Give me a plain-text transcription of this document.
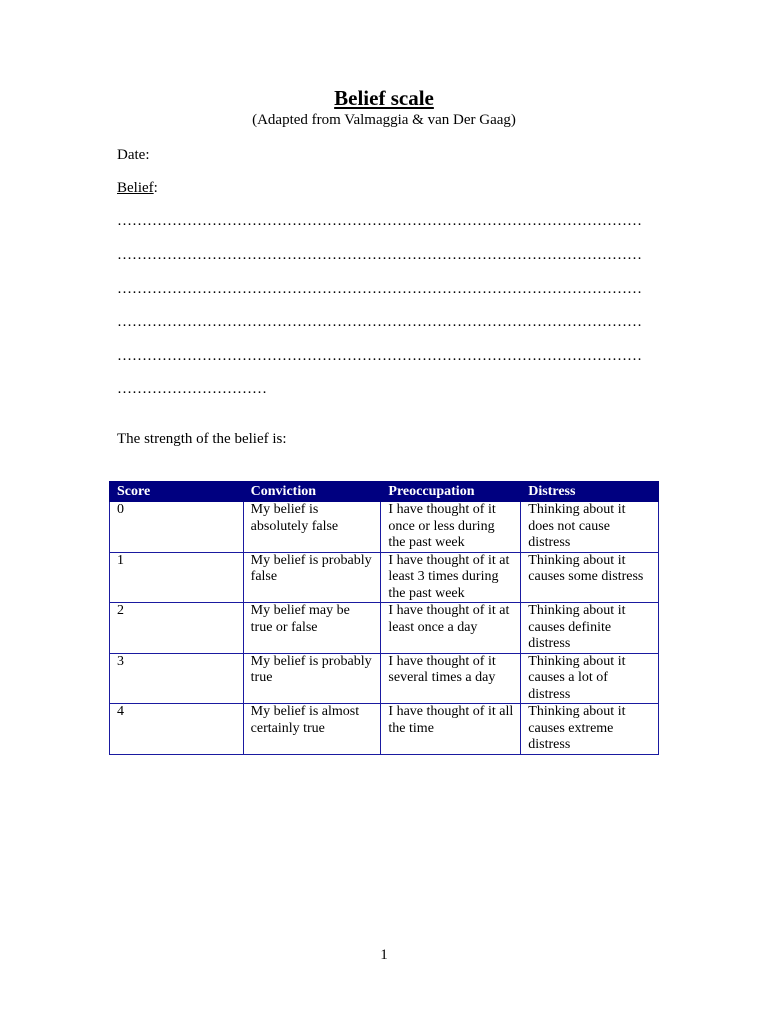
Belief scale
(Adapted from Valmaggia & van Der Gaag)
Date:
Belief:
……………………………………………………………………………………………
……………………………………………………………………………………………
……………………………………………………………………………………………
……………………………………………………………………………………………
……………………………………………………………………………………………
…………………………
The strength of the belief is:
Score	Conviction	Preoccupation	Distress
0	My belief is absolutely false	I have thought of it once or less during the past week	Thinking about it does not cause distress
1	My belief is probably false	I have thought of it at least 3 times during the past week	Thinking about it causes some distress
2	My belief may be true or false	I have thought of it at least once a day	Thinking about it causes definite distress
3	My belief is probably true	I have thought of it several times a day	Thinking about it causes a lot of distress
4	My belief is almost certainly true	I have thought of it all the time	Thinking about it causes extreme distress
1
